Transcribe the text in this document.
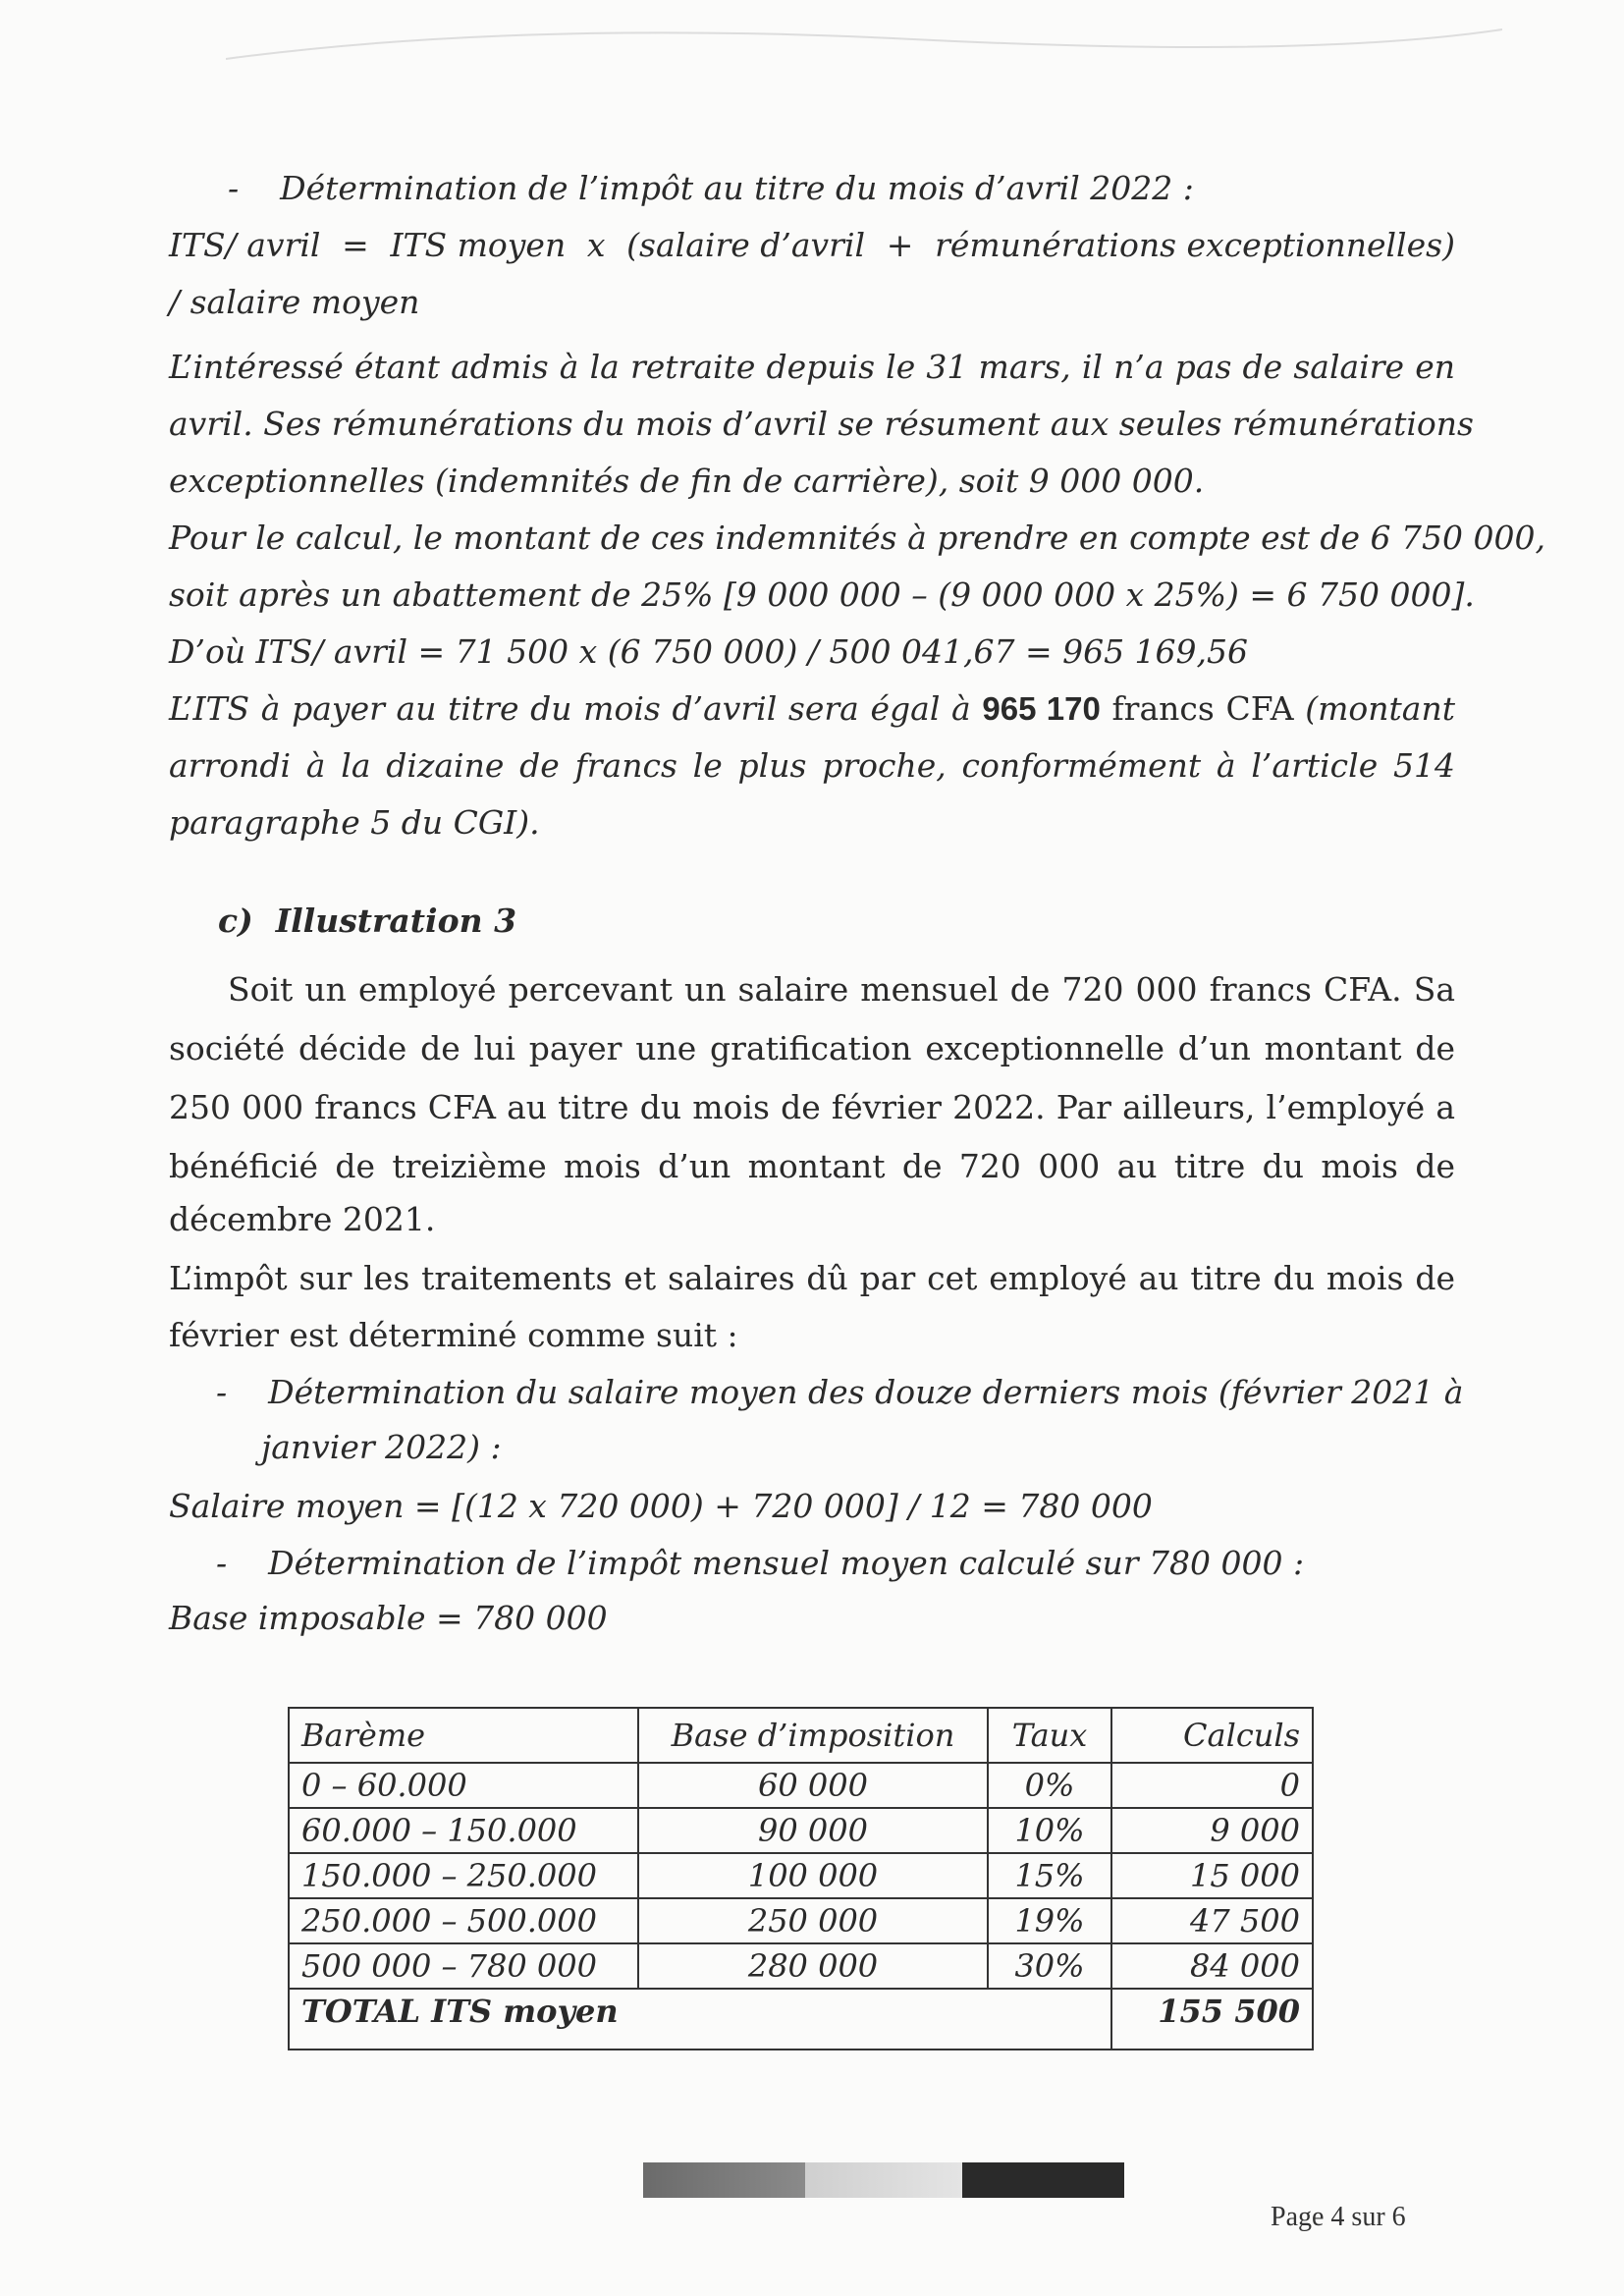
- Détermination de l’impôt au titre du mois d’avril 2022 :
ITS/ avril = ITS moyen x (salaire d’avril + rémunérations exceptionnelles)
/ salaire moyen
L’intéressé étant admis à la retraite depuis le 31 mars, il n’a pas de salaire en
avril. Ses rémunérations du mois d’avril se résument aux seules rémunérations
exceptionnelles (indemnités de fin de carrière), soit 9 000 000.
Pour le calcul, le montant de ces indemnités à prendre en compte est de 6 750 000,
soit après un abattement de 25% [9 000 000 – (9 000 000 x 25%) = 6 750 000].
D’où ITS/ avril = 71 500 x (6 750 000) / 500 041,67 = 965 169,56
L’ITS à payer au titre du mois d’avril sera égal à 965 170 francs CFA (montant
arrondi à la dizaine de francs le plus proche, conformément à l’article 514
paragraphe 5 du CGI).
c) Illustration 3
Soit un employé percevant un salaire mensuel de 720 000 francs CFA. Sa
société décide de lui payer une gratification exceptionnelle d’un montant de
250 000 francs CFA au titre du mois de février 2022. Par ailleurs, l’employé a
bénéficié de treizième mois d’un montant de 720 000 au titre du mois de
décembre 2021.
L’impôt sur les traitements et salaires dû par cet employé au titre du mois de
février est déterminé comme suit :
- Détermination du salaire moyen des douze derniers mois (février 2021 à
janvier 2022) :
Salaire moyen = [(12 x 720 000) + 720 000] / 12 = 780 000
- Détermination de l’impôt mensuel moyen calculé sur 780 000 :
Base imposable = 780 000
Barème	Base d’imposition	Taux	Calculs
0 – 60.000	60 000	0%	0
60.000 – 150.000	90 000	10%	9 000
150.000 – 250.000	100 000	15%	15 000
250.000 – 500.000	250 000	19%	47 500
500 000 – 780 000	280 000	30%	84 000
TOTAL ITS moyen			155 500
Page 4 sur 6
